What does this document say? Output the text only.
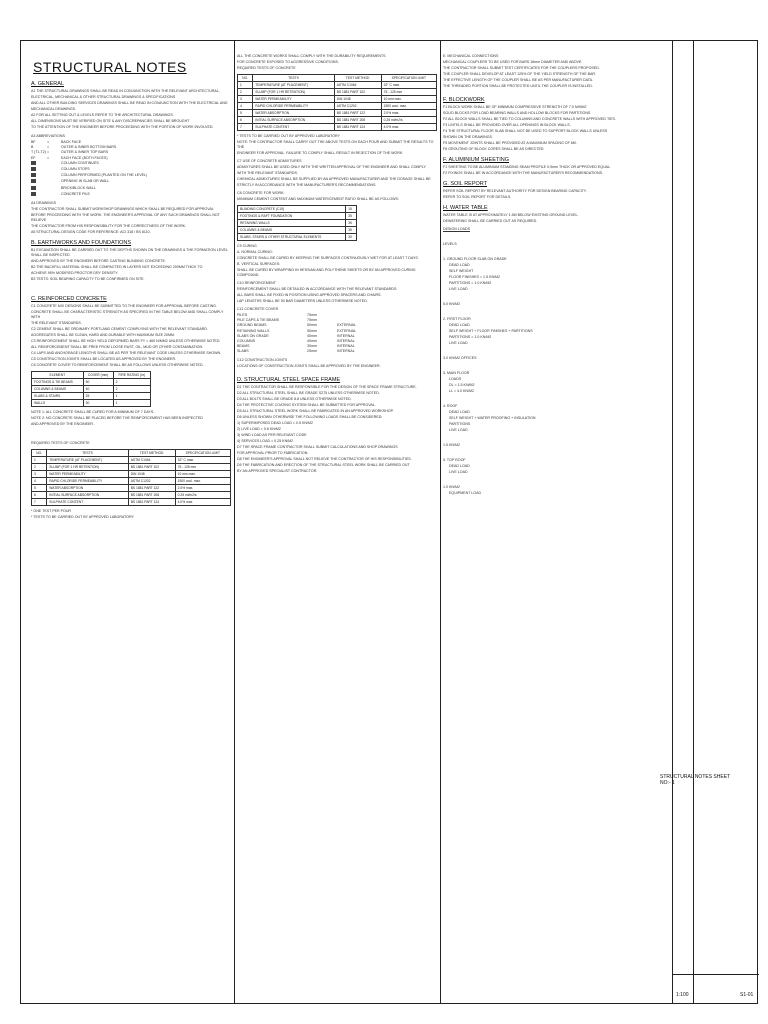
STRUCTURAL NOTES
A. GENERAL
A1 THE STRUCTURAL DRAWINGS SHALL BE READ IN CONJUNCTION WITH THE RELEVANT ARCHITECTURAL,
ELECTRICAL, MECHANICAL & OTHER STRUCTURAL DRAWINGS & SPECIFICATIONS
AND ALL OTHER BUILDING SERVICES DRAWINGS SHALL BE READ IN CONJUNCTION WITH THE ELECTRICAL AND
MECHANICAL DRAWINGS.
A2 FOR ALL SETTING OUT & LEVELS REFER TO THE ARCHITECTURAL DRAWINGS.
ALL DIMENSIONS MUST BE VERIFIED ON SITE & ANY DISCREPANCIES SHALL BE BROUGHT
TO THE ATTENTION OF THE ENGINEER BEFORE PROCEEDING WITH THE PORTION OF WORK INVOLVED.
A3 ABBREVIATIONS
BF	=	BACK FACE
B	=	OUTER & INNER BOTTOM BARS
T (T1,T2) =	OUTER & INNER TOP BARS
EF	=	EACH FACE (BOTH FACES)
COLUMN CONTINUES
COLUMN STOPS
COLUMN PERFORMED (PLANTED ON THE LEVEL)
OPENING IN SLAB OR WALL
BRICK/BLOCK WALL
CONCRETE PILE
A4 DRAWINGS
THE CONTRACTOR SHALL SUBMIT WORKSHOP DRAWINGS WHICH SHALL BE REQUIRED FOR APPROVAL
BEFORE PROCEEDING WITH THE WORK. THE ENGINEER'S APPROVAL OF ANY SUCH DRAWINGS SHALL NOT RELIEVE
THE CONTRACTOR FROM HIS RESPONSIBILITY FOR THE CORRECTNESS OF THE WORK.
A5 STRUCTURAL DESIGN CODE FOR REFERENCE: ACI 318 / BS 8110.
B. EARTHWORKS AND FOUNDATIONS
B1 EXCAVATION SHALL BE CARRIED OUT TO THE DEPTHS SHOWN ON THE DRAWINGS & THE FORMATION LEVEL SHALL BE INSPECTED
AND APPROVED BY THE ENGINEER BEFORE CASTING BLINDING CONCRETE.
B2 THE BACKFILL MATERIAL SHALL BE COMPACTED IN LAYERS NOT EXCEEDING 200MM THICK TO
ACHIEVE 95% MODIFIED PROCTOR DRY DENSITY.
B3 TESTS: SOIL BEARING CAPACITY TO BE CONFIRMED ON SITE.
C. REINFORCED CONCRETE
C1 CONCRETE MIX DESIGNS SHALL BE SUBMITTED TO THE ENGINEER FOR APPROVAL BEFORE CASTING.
CONCRETE SHALL BE CHARACTERISTIC STRENGTH AS SPECIFIED IN THE TABLE BELOW AND SHALL COMPLY WITH
THE RELEVANT STANDARDS.
C2 CEMENT SHALL BE ORDINARY PORTLAND CEMENT COMPLYING WITH THE RELEVANT STANDARD.
AGGREGATES SHALL BE CLEAN, HARD AND DURABLE WITH MAXIMUM SIZE 20MM.
C3 REINFORCEMENT SHALL BE HIGH YIELD DEFORMED BARS FY = 460 N/MM2 UNLESS OTHERWISE NOTED.
ALL REINFORCEMENT SHALL BE FREE FROM LOOSE RUST, OIL, MUD OR OTHER CONTAMINATION.
C4 LAPS AND ANCHORAGE LENGTHS SHALL BE AS PER THE RELEVANT CODE UNLESS OTHERWISE SHOWN.
C5 CONSTRUCTION JOINTS SHALL BE LOCATED AS APPROVED BY THE ENGINEER.
C6 CONCRETE COVER TO REINFORCEMENT SHALL BE AS FOLLOWS UNLESS OTHERWISE NOTED.
ELEMENT	COVER (mm)	FIRE RATING (hr)
FOOTINGS & TIE BEAMS	50	2
COLUMNS & BEAMS	40	2
SLABS & STAIRS	25	1
WALLS	30	1
NOTE 1: ALL CONCRETE SHALL BE CURED FOR A MINIMUM OF 7 DAYS.
NOTE 2: NO CONCRETE SHALL BE PLACED BEFORE THE REINFORCEMENT HAS BEEN INSPECTED
AND APPROVED BY THE ENGINEER.
REQUIRED TESTS OF CONCRETE
NO.	TESTS	TEST METHOD	SPECIFICATION LIMIT
1	TEMPERATURE (AT PLACEMENT)	ASTM C1064	32° C max.
2	SLUMP (FOR 1 HR RETENTION)	BS 1881 PART 102	75 - 125 mm
3	WATER PERMEABILITY	DIN 1048	10 mm max.
4	RAPID CHLORIDE PERMEABILITY	ASTM C1202	1500 coul. max.
5	WATER ABSORPTION	BS 1881 PART 122	2.0% max.
6	INITIAL SURFACE ABSORPTION	BS 1881 PART 208	0.25 ml/m2/s
7	SULPHATE CONTENT	BS 1881 PART 124	4.0% max.
* ONE TEST PER POUR
* TESTS TO BE CARRIED OUT BY APPROVED LABORATORY
ALL THE CONCRETE WORKS SHALL COMPLY WITH THE DURABILITY REQUIREMENTS
FOR CONCRETE EXPOSED TO AGGRESSIVE CONDITIONS.
REQUIRED TESTS OF CONCRETE
NO.	TESTS	TEST METHOD	SPECIFICATION LIMIT
1	TEMPERATURE (AT PLACEMENT)	ASTM C1064	32° C max.
2	SLUMP (FOR 1 HR RETENTION)	BS 1881 PART 102	75 - 125 mm
3	WATER PERMEABILITY	DIN 1048	10 mm max.
4	RAPID CHLORIDE PERMEABILITY	ASTM C1202	1500 coul. max.
5	WATER ABSORPTION	BS 1881 PART 122	2.0% max.
6	INITIAL SURFACE ABSORPTION	BS 1881 PART 208	0.25 ml/m2/s
7	SULPHATE CONTENT	BS 1881 PART 124	4.0% max.
* TESTS TO BE CARRIED OUT BY APPROVED LABORATORY
NOTE: THE CONTRACTOR SHALL CARRY OUT THE ABOVE TESTS ON EACH POUR AND SUBMIT THE RESULTS TO THE
ENGINEER FOR APPROVAL. FAILURE TO COMPLY SHALL RESULT IN REJECTION OF THE WORK.
C7 USE OF CONCRETE ADMIXTURES
ADMIXTURES SHALL BE USED ONLY WITH THE WRITTEN APPROVAL OF THE ENGINEER AND SHALL COMPLY
WITH THE RELEVANT STANDARDS.
CHEMICAL ADMIXTURES SHALL BE SUPPLIED BY AN APPROVED MANUFACTURER AND THE DOSAGE SHALL BE
STRICTLY IN ACCORDANCE WITH THE MANUFACTURER'S RECOMMENDATIONS.
C8 CONCRETE FOR WORK:
MINIMUM CEMENT CONTENT AND MAXIMUM WATER/CEMENT RATIO SHALL BE AS FOLLOWS:
BLINDING CONCRETE (C15)	15
FOOTINGS & RAFT FOUNDATION	35
RETAINING WALLS	35
COLUMNS & BEAMS	35
SLABS, STAIRS & OTHER STRUCTURAL ELEMENTS	30
C9 CURING
A. NORMAL CURING:
CONCRETE SHALL BE CURED BY KEEPING THE SURFACES CONTINUOUSLY WET FOR AT LEAST 7 DAYS.
B. VERTICAL SURFACES:
SHALL BE CURED BY WRAPPING IN HESSIAN AND POLYTHENE SHEETS OR BY AN APPROVED CURING COMPOUND.
C10 REINFORCEMENT
REINFORCEMENT SHALL BE DETAILED IN ACCORDANCE WITH THE RELEVANT STANDARDS.
ALL BARS SHALL BE FIXED IN POSITION USING APPROVED SPACERS AND CHAIRS.
LAP LENGTHS SHALL BE 50 BAR DIAMETERS UNLESS OTHERWISE NOTED.
C11 CONCRETE COVER
PILES	75mm
PILE CAPS & TIE BEAMS	75mm
GROUND BEAMS	50mm	EXTERNAL
RETAINING WALLS	50mm	EXTERNAL
SLABS ON GRADE	40mm	INTERNAL
COLUMNS	40mm	INTERNAL
BEAMS	30mm	INTERNAL
SLABS	25mm	INTERNAL
C12 CONSTRUCTION JOINTS
LOCATIONS OF CONSTRUCTION JOINTS SHALL BE APPROVED BY THE ENGINEER.
D. STRUCTURAL STEEL SPACE FRAME
D1 THE CONTRACTOR SHALL BE RESPONSIBLE FOR THE DESIGN OF THE SPACE FRAME STRUCTURE.
D2 ALL STRUCTURAL STEEL SHALL BE GRADE S275 UNLESS OTHERWISE NOTED.
D3 ALL BOLTS SHALL BE GRADE 8.8 UNLESS OTHERWISE NOTED.
D4 THE PROTECTIVE COATING SYSTEM SHALL BE SUBMITTED FOR APPROVAL.
D5 ALL STRUCTURAL STEEL WORK SHALL BE FABRICATED IN AN APPROVED WORKSHOP.
D6 UNLESS SHOWN OTHERWISE THE FOLLOWING LOADS SHALL BE CONSIDERED:
1) SUPERIMPOSED DEAD LOAD = 0.5 KN/M2
2) LIVE LOAD = 0.6 KN/M2
3) WIND LOAD AS PER RELEVANT CODE
4) SERVICES LOAD = 0.25 KN/M2
D7 THE SPACE FRAME CONTRACTOR SHALL SUBMIT CALCULATIONS AND SHOP DRAWINGS
FOR APPROVAL PRIOR TO FABRICATION.
D8 THE ENGINEER'S APPROVAL SHALL NOT RELIEVE THE CONTRACTOR OF HIS RESPONSIBILITIES.
D9 THE FABRICATION AND ERECTION OF THE STRUCTURAL STEEL WORK SHALL BE CARRIED OUT
BY AN APPROVED SPECIALIST CONTRACTOR.
E. MECHANICAL CONNECTIONS
MECHANICAL COUPLERS TO BE USED FOR BARS 16mm DIAMETER AND ABOVE.
THE CONTRACTOR SHALL SUBMIT TEST CERTIFICATES FOR THE COUPLERS PROPOSED.
THE COUPLER SHALL DEVELOP AT LEAST 125% OF THE YIELD STRENGTH OF THE BAR.
THE EFFECTIVE LENGTH OF THE COUPLER SHALL BE AS PER MANUFACTURER DATA.
THE THREADED PORTION SHALL BE PROTECTED UNTIL THE COUPLER IS INSTALLED.
F. BLOCKWORK
F1 BLOCK WORK SHALL BE OF MINIMUM COMPRESSIVE STRENGTH OF 7.0 N/MM2
SOLID BLOCKS FOR LOAD BEARING WALLS AND HOLLOW BLOCKS FOR PARTITIONS.
F2 ALL BLOCK WALLS SHALL BE TIED TO COLUMNS AND CONCRETE WALLS WITH APPROVED TIES.
F3 LINTELS SHALL BE PROVIDED OVER ALL OPENINGS IN BLOCK WALLS.
F4 THE STRUCTURAL FLOOR SLAB SHALL NOT BE USED TO SUPPORT BLOCK WALLS UNLESS
SHOWN ON THE DRAWINGS.
F5 MOVEMENT JOINTS SHALL BE PROVIDED AT A MAXIMUM SPACING OF 6M.
F6 GROUTING OF BLOCK CORES SHALL BE AS DIRECTED.
F. ALUMINIUM SHEETING
F1 SHEETING TO BE ALUMINIUM STANDING SEAM PROFILE 0.9mm THICK OR APPROVED EQUAL.
F2 FIXINGS SHALL BE IN ACCORDANCE WITH THE MANUFACTURER'S RECOMMENDATIONS.
G. SOIL REPORT
REFER SOIL REPORT BY RELEVANT AUTHORITY FOR DESIGN BEARING CAPACITY.
REFER TO SOIL REPORT FOR DETAILS.
H. WATER TABLE
WATER TABLE IS AT APPROXIMATELY 1.5M BELOW EXISTING GROUND LEVEL.
DEWATERING SHALL BE CARRIED OUT AS REQUIRED.
DESIGN LOADS
LEVELS
1. GROUND FLOOR SLAB ON GRADE
DEAD LOAD
SELF WEIGHT
FLOOR FINISHES = 1.5 KN/M2
PARTITIONS = 1.0 KN/M2
LIVE LOAD
5.0 KN/M2
2. FIRST FLOOR
DEAD LOAD
SELF WEIGHT + FLOOR FINISHES + PARTITIONS
PARTITIONS = 1.0 KN/M2
LIVE LOAD
3.0 KN/M2 OFFICES
3. MAIN FLOOR
LOADS
DL = 1.5 KN/M2
LL = 4.0 KN/M2
4. ROOF
DEAD LOAD
SELF WEIGHT + WATER PROOFING + INSULATION
PARTITIONS
LIVE LOAD
1.5 KN/M2
5. TOP ROOF
DEAD LOAD
LIVE LOAD
1.0 KN/M2
EQUIPMENT LOAD
STRUCTURAL NOTES SHEET NO:- 1
1:100	S1-01
